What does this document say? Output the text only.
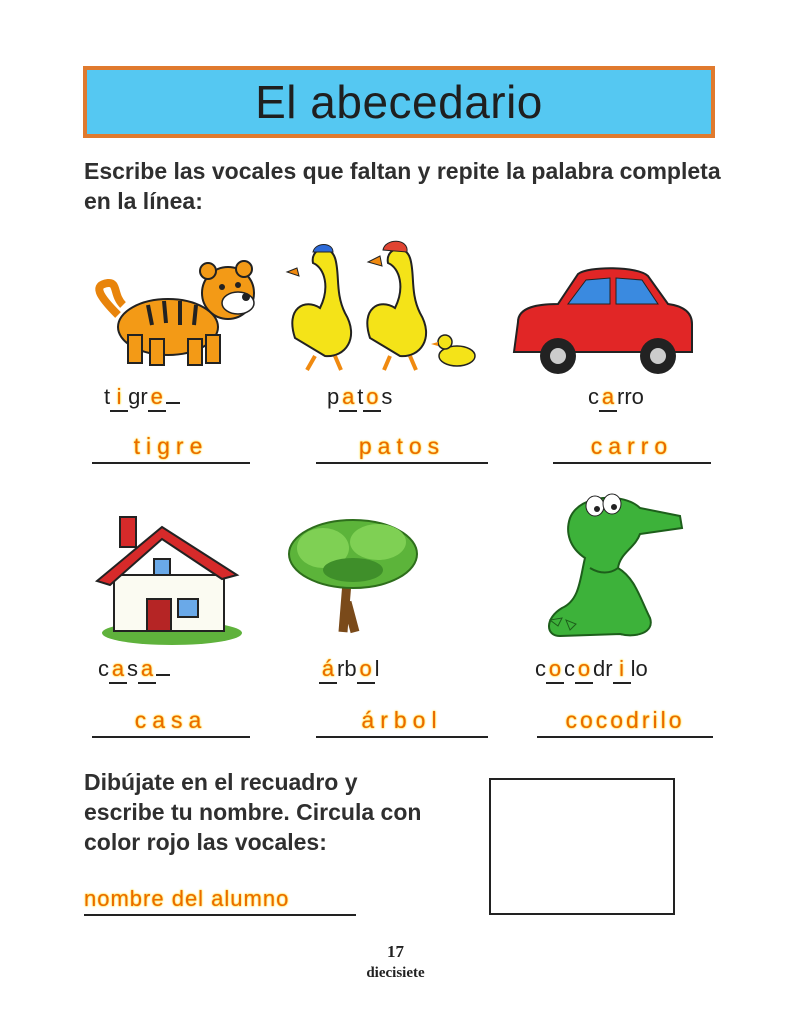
El abecedario
Escribe las vocales que faltan y repite la palabra completa en la línea:
t i gr e
tigre
p a t o s
patos
c a rro
carro
c a s a
casa
á rb o l
árbol
c o c o dr i lo
cocodrilo
Dibújate en el recuadro y escribe tu nombre. Circula con color rojo las vocales:
nombre del alumno
17
diecisiete
